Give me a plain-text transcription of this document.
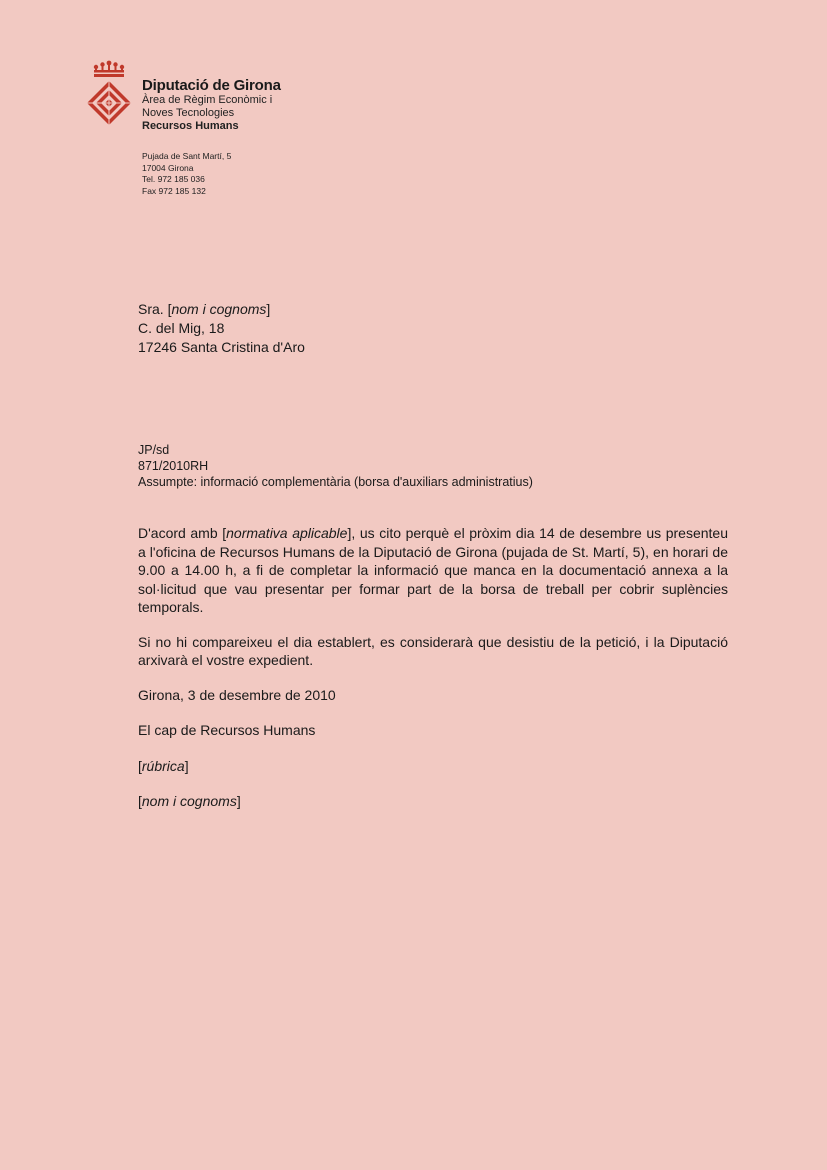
Diputació de Girona
Àrea de Règim Econòmic i
Noves Tecnologies
Recursos Humans
Pujada de Sant Martí, 5
17004 Girona
Tel. 972 185 036
Fax 972 185 132
Sra. [nom i cognoms]
C. del Mig, 18
17246 Santa Cristina d'Aro
JP/sd
871/2010RH
Assumpte: informació complementària (borsa d'auxiliars administratius)

D'acord amb [normativa aplicable], us cito perquè el pròxim dia 14 de desembre us presenteu a l'oficina de Recursos Humans de la Diputació de Girona (pujada de St. Martí, 5), en horari de 9.00 a 14.00 h, a fi de completar la informació que manca en la documentació annexa a la sol·licitud que vau presentar per formar part de la borsa de treball per cobrir suplències temporals.

Si no hi compareixeu el dia establert, es considerarà que desistiu de la petició, i la Diputació arxivarà el vostre expedient.

Girona, 3 de desembre de 2010

El cap de Recursos Humans

[rúbrica]

[nom i cognoms]
